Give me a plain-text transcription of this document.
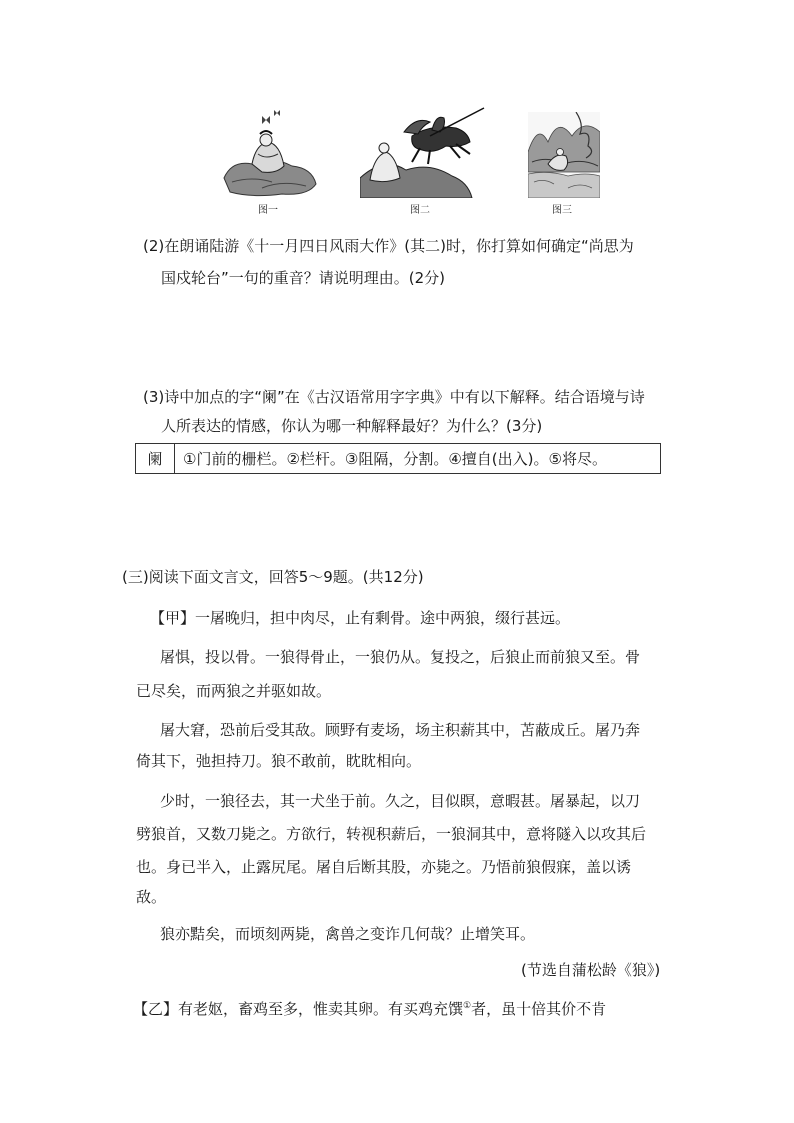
图一	图二	图三
(2)在朗诵陆游《十一月四日风雨大作》(其二)时，你打算如何确定“尚思为
国戍轮台”一句的重音？请说明理由。(2分)
(3)诗中加点的字“阑”在《古汉语常用字字典》中有以下解释。结合语境与诗
人所表达的情感，你认为哪一种解释最好？为什么？(3分)
阑	①门前的栅栏。②栏杆。③阻隔，分割。④擅自(出入)。⑤将尽。
(三)阅读下面文言文，回答5～9题。(共12分)
【甲】一屠晚归，担中肉尽，止有剩骨。途中两狼，缀行甚远。
屠惧，投以骨。一狼得骨止，一狼仍从。复投之，后狼止而前狼又至。骨
已尽矣，而两狼之并驱如故。
屠大窘，恐前后受其敌。顾野有麦场，场主积薪其中，苫蔽成丘。屠乃奔
倚其下，弛担持刀。狼不敢前，眈眈相向。
少时，一狼径去，其一犬坐于前。久之，目似瞑，意暇甚。屠暴起，以刀
劈狼首，又数刀毙之。方欲行，转视积薪后，一狼洞其中，意将隧入以攻其后
也。身已半入，止露尻尾。屠自后断其股，亦毙之。乃悟前狼假寐，盖以诱
敌。
狼亦黠矣，而顷刻两毙，禽兽之变诈几何哉？止增笑耳。
(节选自蒲松龄《狼》)
【乙】有老妪，畜鸡至多，惟卖其卵。有买鸡充馔①者，虽十倍其价不肯
